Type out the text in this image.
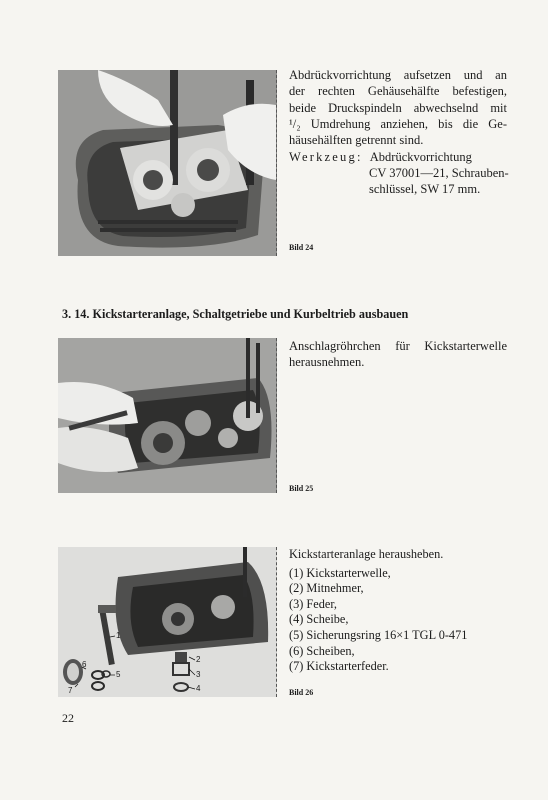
Bild 24
Abdrückvorrichtung aufsetzen und an
der rechten Gehäusehälfte befestigen,
beide Druckspindeln abwechselnd mit
¹/₂ Umdrehung anziehen, bis die Ge-
häusehälften getrennt sind.
Werkzeug: Abdrückvorrichtung
CV 37001—21, Schrauben-
schlüssel, SW 17 mm.
3. 14. Kickstarteranlage, Schaltgetriebe und Kurbeltrieb ausbauen
Bild 25
Anschlagröhrchen für Kickstarterwelle
herausnehmen.
1
2
3
4
5
6
7	Bild 26
Kickstarteranlage herausheben.
(1) Kickstarterwelle,
(2) Mitnehmer,
(3) Feder,
(4) Scheibe,
(5) Sicherungsring 16×1 TGL 0-471
(6) Scheiben,
(7) Kickstarterfeder.
22
